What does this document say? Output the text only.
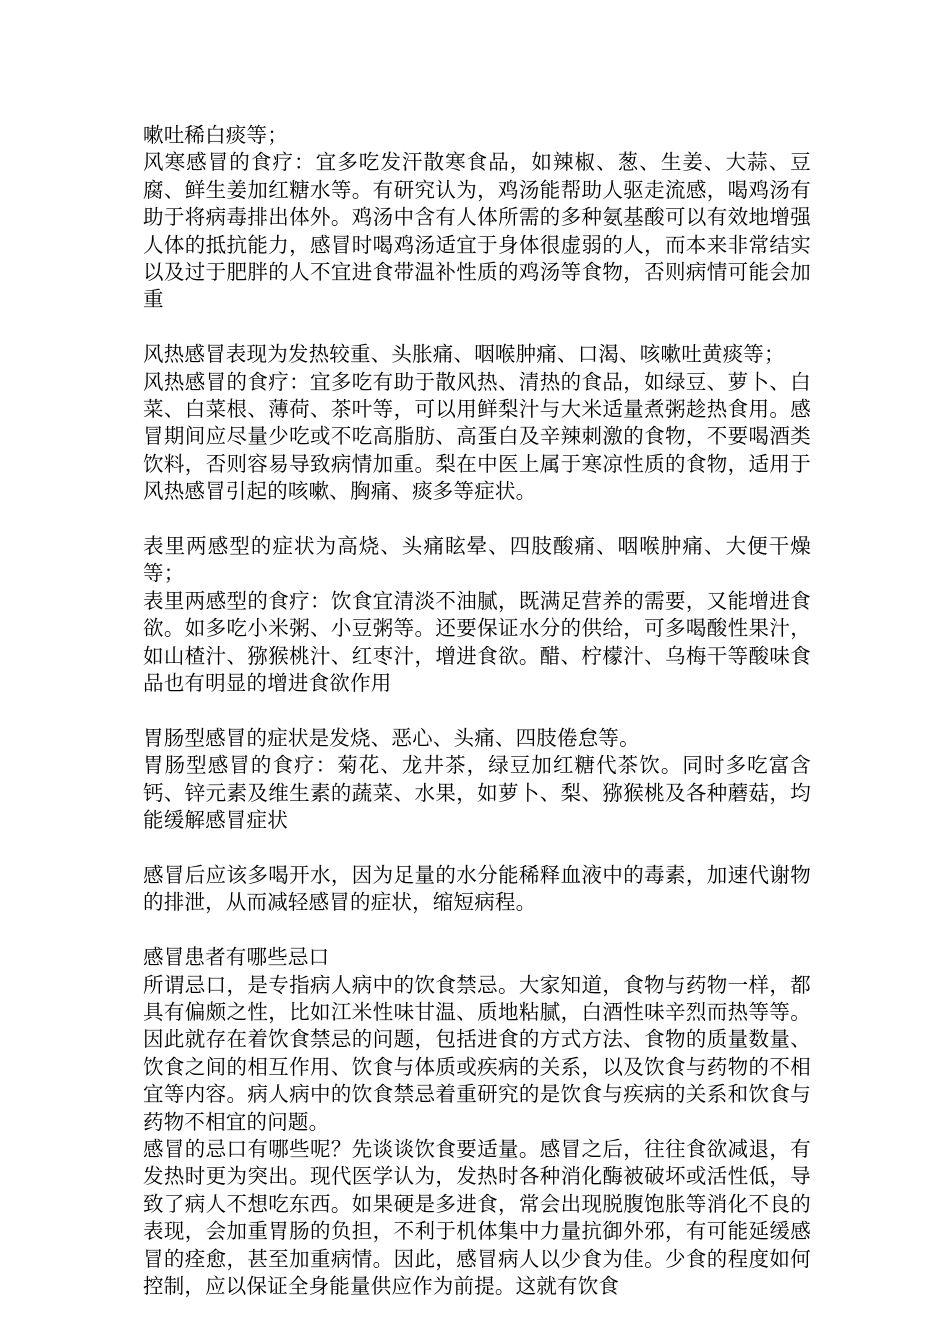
嗽吐稀白痰等；

风寒感冒的食疗：宜多吃发汗散寒食品，如辣椒、葱、生姜、大蒜、豆腐、鲜生姜加红糖水等。有研究认为，鸡汤能帮助人驱走流感，喝鸡汤有助于将病毒排出体外。鸡汤中含有人体所需的多种氨基酸可以有效地增强人体的抵抗能力，感冒时喝鸡汤适宜于身体很虚弱的人，而本来非常结实以及过于肥胖的人不宜进食带温补性质的鸡汤等食物，否则病情可能会加重

风热感冒表现为发热较重、头胀痛、咽喉肿痛、口渴、咳嗽吐黄痰等；

风热感冒的食疗：宜多吃有助于散风热、清热的食品，如绿豆、萝卜、白菜、白菜根、薄荷、茶叶等，可以用鲜梨汁与大米适量煮粥趁热食用。感冒期间应尽量少吃或不吃高脂肪、高蛋白及辛辣刺激的食物，不要喝酒类饮料，否则容易导致病情加重。梨在中医上属于寒凉性质的食物，适用于风热感冒引起的咳嗽、胸痛、痰多等症状。

表里两感型的症状为高烧、头痛眩晕、四肢酸痛、咽喉肿痛、大便干燥等；

表里两感型的食疗：饮食宜清淡不油腻，既满足营养的需要，又能增进食欲。如多吃小米粥、小豆粥等。还要保证水分的供给，可多喝酸性果汁，如山楂汁、猕猴桃汁、红枣汁，增进食欲。醋、柠檬汁、乌梅干等酸味食品也有明显的增进食欲作用

胃肠型感冒的症状是发烧、恶心、头痛、四肢倦怠等。

胃肠型感冒的食疗：菊花、龙井茶，绿豆加红糖代茶饮。同时多吃富含钙、锌元素及维生素的蔬菜、水果，如萝卜、梨、猕猴桃及各种蘑菇，均能缓解感冒症状

感冒后应该多喝开水，因为足量的水分能稀释血液中的毒素，加速代谢物的排泄，从而减轻感冒的症状，缩短病程。

感冒患者有哪些忌口

所谓忌口，是专指病人病中的饮食禁忌。大家知道，食物与药物一样，都具有偏颇之性，比如江米性味甘温、质地粘腻，白酒性味辛烈而热等等。因此就存在着饮食禁忌的问题，包括进食的方式方法、食物的质量数量、饮食之间的相互作用、饮食与体质或疾病的关系，以及饮食与药物的不相宜等内容。病人病中的饮食禁忌着重研究的是饮食与疾病的关系和饮食与药物不相宜的问题。

感冒的忌口有哪些呢？先谈谈饮食要适量。感冒之后，往往食欲减退，有发热时更为突出。现代医学认为，发热时各种消化酶被破坏或活性低，导致了病人不想吃东西。如果硬是多进食，常会出现脱腹饱胀等消化不良的表现，会加重胃肠的负担，不利于机体集中力量抗御外邪，有可能延缓感冒的痊愈，甚至加重病情。因此，感冒病人以少食为佳。少食的程度如何控制，应以保证全身能量供应作为前提。这就有饮食
